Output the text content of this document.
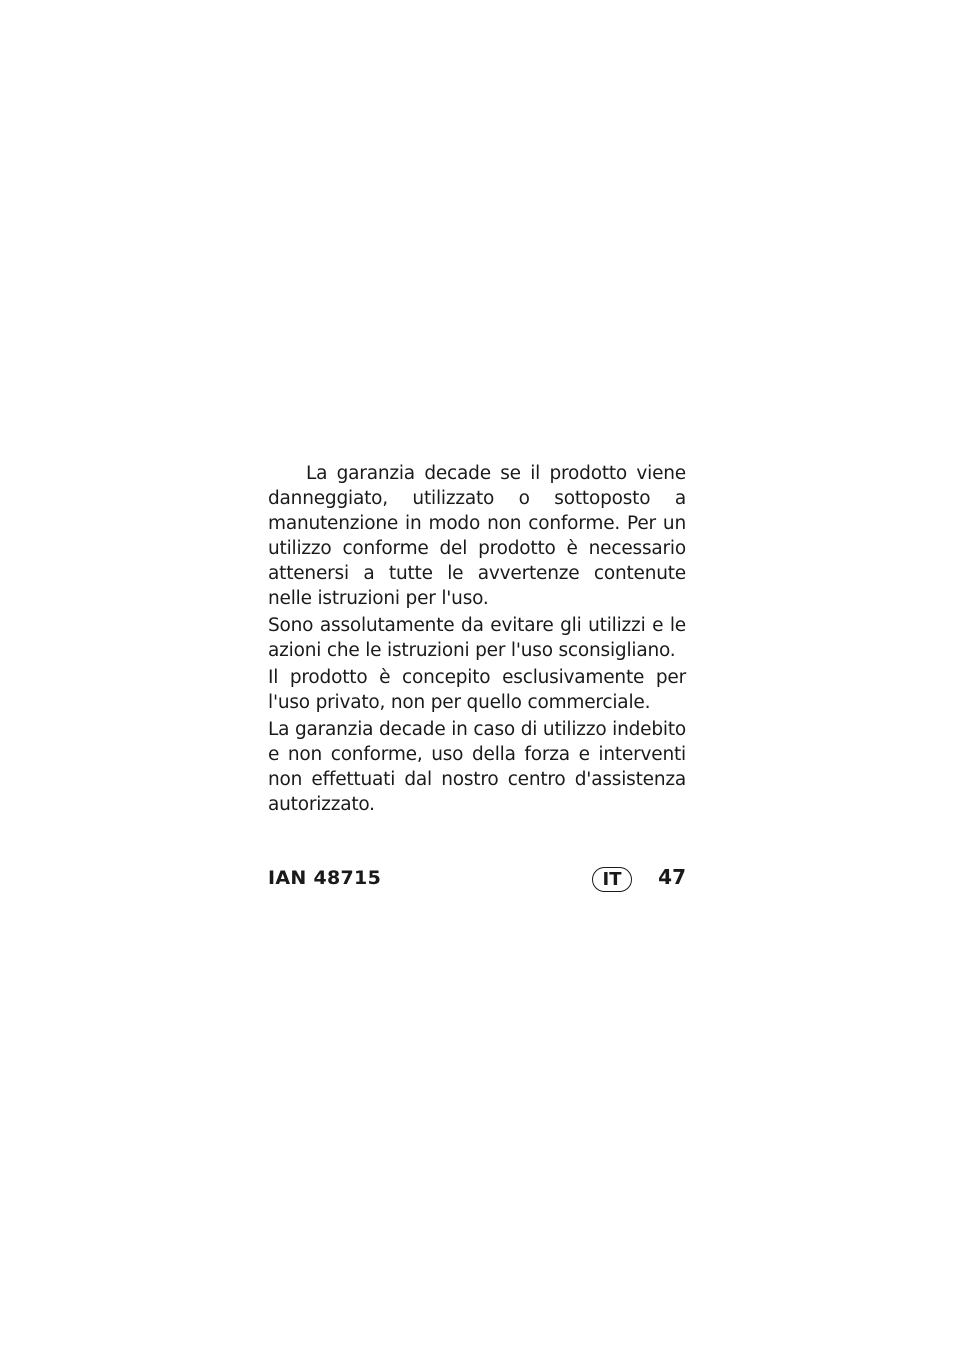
La garanzia decade se il prodotto viene danneggiato, utilizzato o sottoposto a manutenzione in modo non conforme. Per un utilizzo conforme del prodotto è necessario attenersi a tutte le avvertenze contenute nelle istruzioni per l'uso.

Sono assolutamente da evitare gli utilizzi e le azioni che le istruzioni per l'uso sconsigliano.

Il prodotto è concepito esclusivamente per l'uso privato, non per quello commerciale.

La garanzia decade in caso di utilizzo indebito e non conforme, uso della forza e interventi non effettuati dal nostro centro d'assistenza autorizzato.

IAN 48715	IT	47
